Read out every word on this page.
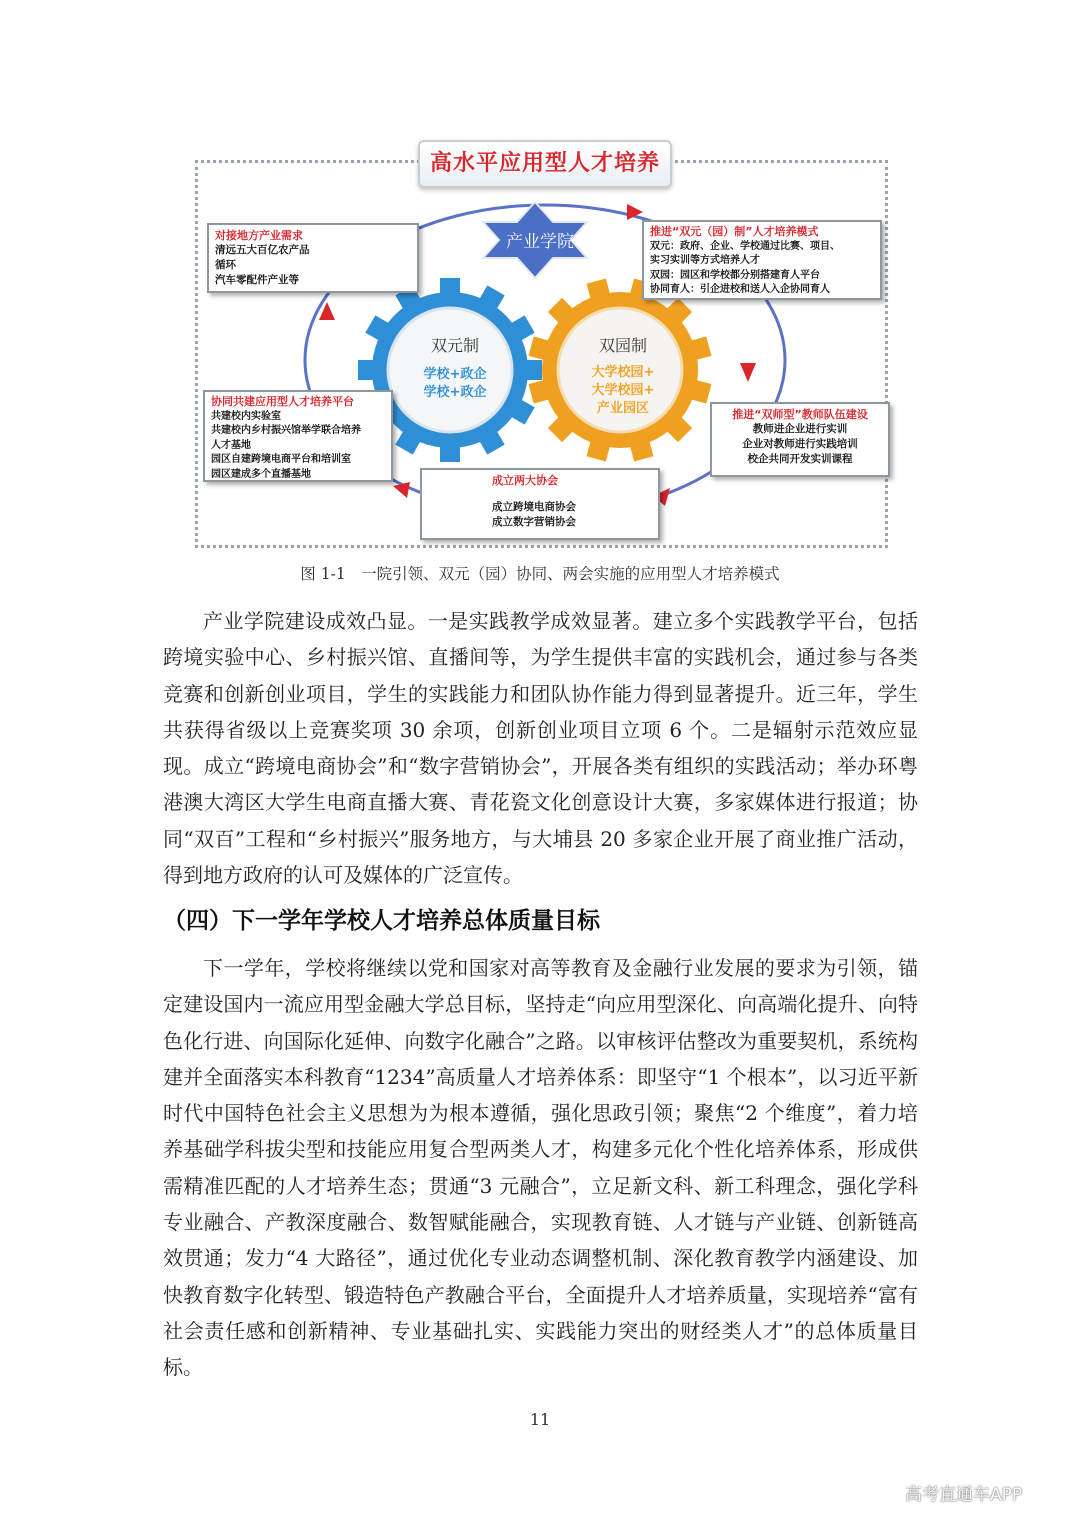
高水平应用型人才培养
产业学院
双元制
学校+政企
学校+政企
双园制
大学校园+
大学校园+
产业园区
对接地方产业需求
清远五大百亿农产品
循环
汽车零配件产业等
推进“双元（园）制”人才培养模式
双元：政府、企业、学校通过比赛、项目、
实习实训等方式培养人才
双园：园区和学校都分别搭建育人平台
协同育人：引企进校和送人入企协同育人
协同共建应用型人才培养平台
共建校内实验室
共建校内乡村振兴馆举学联合培养
人才基地
园区自建跨境电商平台和培训室
园区建成多个直播基地
推进“双师型”教师队伍建设
教师进企业进行实训
企业对教师进行实践培训
校企共同开发实训课程
成立两大协会
成立跨境电商协会
成立数字营销协会
图 1-1　一院引领、双元（园）协同、两会实施的应用型人才培养模式

产业学院建设成效凸显。一是实践教学成效显著。建立多个实践教学平台，包括跨境实验中心、乡村振兴馆、直播间等，为学生提供丰富的实践机会，通过参与各类竞赛和创新创业项目，学生的实践能力和团队协作能力得到显著提升。近三年，学生共获得省级以上竞赛奖项 30 余项，创新创业项目立项 6 个。二是辐射示范效应显现。成立“跨境电商协会”和“数字营销协会”，开展各类有组织的实践活动；举办环粤港澳大湾区大学生电商直播大赛、青花瓷文化创意设计大赛，多家媒体进行报道；协同“双百”工程和“乡村振兴”服务地方，与大埔县 20 多家企业开展了商业推广活动，得到地方政府的认可及媒体的广泛宣传。

（四）下一学年学校人才培养总体质量目标

下一学年，学校将继续以党和国家对高等教育及金融行业发展的要求为引领，锚定建设国内一流应用型金融大学总目标，坚持走“向应用型深化、向高端化提升、向特色化行进、向国际化延伸、向数字化融合”之路。以审核评估整改为重要契机，系统构建并全面落实本科教育“1234”高质量人才培养体系：即坚守“1 个根本”，以习近平新时代中国特色社会主义思想为为根本遵循，强化思政引领；聚焦“2 个维度”，着力培养基础学科拔尖型和技能应用复合型两类人才，构建多元化个性化培养体系，形成供需精准匹配的人才培养生态；贯通“3 元融合”，立足新文科、新工科理念，强化学科专业融合、产教深度融合、数智赋能融合，实现教育链、人才链与产业链、创新链高效贯通；发力“4 大路径”，通过优化专业动态调整机制、深化教育教学内涵建设、加快教育数字化转型、锻造特色产教融合平台，全面提升人才培养质量，实现培养“富有社会责任感和创新精神、专业基础扎实、实践能力突出的财经类人才”的总体质量目标。

11
高考直通车APP
